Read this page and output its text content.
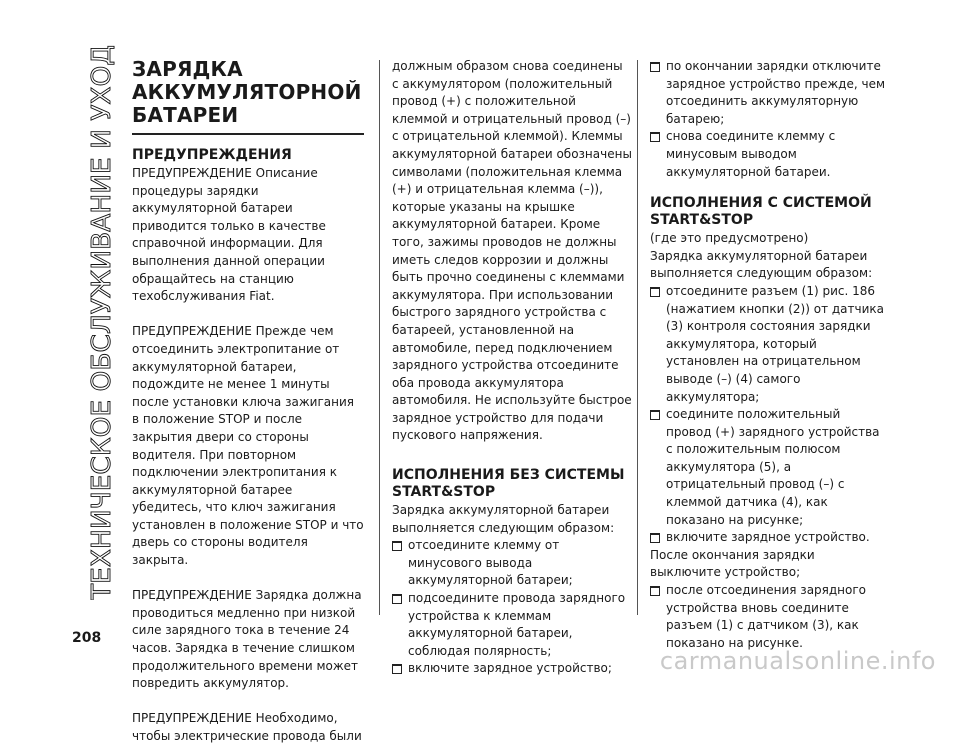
ТЕХНИЧЕСКОЕ ОБСЛУЖИВАНИЕ И УХОД ЗАРЯДКА
АККУМУЛЯТОРНОЙ
БАТАРЕИ
ПРЕДУПРЕЖДЕНИЯ

ПРЕДУПРЕЖДЕНИЕ Описание процедуры зарядки аккумуляторной батареи приводится только в качестве справочной информации. Для выполнения данной операции обращайтесь на станцию техобслуживания Fiat.

ПРЕДУПРЕЖДЕНИЕ Прежде чем отсоединить электропитание от аккумуляторной батареи, подождите не менее 1 минуты после установки ключа зажигания в положение STOP и после закрытия двери со стороны водителя. При повторном подключении электропитания к аккумуляторной батарее убедитесь, что ключ зажигания установлен в положение STOP и что дверь со стороны водителя закрыта.

ПРЕДУПРЕЖДЕНИЕ Зарядка должна проводиться медленно при низкой силе зарядного тока в течение 24 часов. Зарядка в течение слишком продолжительного времени может повредить аккумулятор.

ПРЕДУПРЕЖДЕНИЕ Необходимо, чтобы электрические провода были

должным образом снова соединены с аккумулятором (положительный провод (+) с положительной клеммой и отрицательный провод (–) с отрицательной клеммой). Клеммы аккумуляторной батареи обозначены символами (положительная клемма (+) и отрицательная клемма (–)), которые указаны на крышке аккумуляторной батареи. Кроме того, зажимы проводов не должны иметь следов коррозии и должны быть прочно соединены с клеммами аккумулятора. При использовании быстрого зарядного устройства с батареей, установленной на автомобиле, перед подключением зарядного устройства отсоедините оба провода аккумулятора автомобиля. Не используйте быстрое зарядное устройство для подачи пускового напряжения.

ИСПОЛНЕНИЯ БЕЗ СИСТЕМЫ
START&STOP

Зарядка аккумуляторной батареи выполняется следующим образом:

отсоедините клемму от минусового вывода аккумуляторной батареи;
подсоедините провода зарядного устройства к клеммам аккумуляторной батареи, соблюдая полярность;
включите зарядное устройство;
по окончании зарядки отключите зарядное устройство прежде, чем отсоединить аккумуляторную батарею;
снова соедините клемму с минусовым выводом аккумуляторной батареи.
ИСПОЛНЕНИЯ С СИСТЕМОЙ
START&STOP

(где это предусмотрено)

Зарядка аккумуляторной батареи выполняется следующим образом:

отсоедините разъем (1) рис. 186 (нажатием кнопки (2)) от датчика (3) контроля состояния зарядки аккумулятора, который установлен на отрицательном выводе (–) (4) самого аккумулятора;
соедините положительный провод (+) зарядного устройства с положительным полюсом аккумулятора (5), а отрицательный провод (–) с клеммой датчика (4), как показано на рисунке;
включите зарядное устройство.

После окончания зарядки выключите устройство;

после отсоединения зарядного устройства вновь соедините разъем (1) с датчиком (3), как показано на рисунке.
208
carmanualsonline.info
